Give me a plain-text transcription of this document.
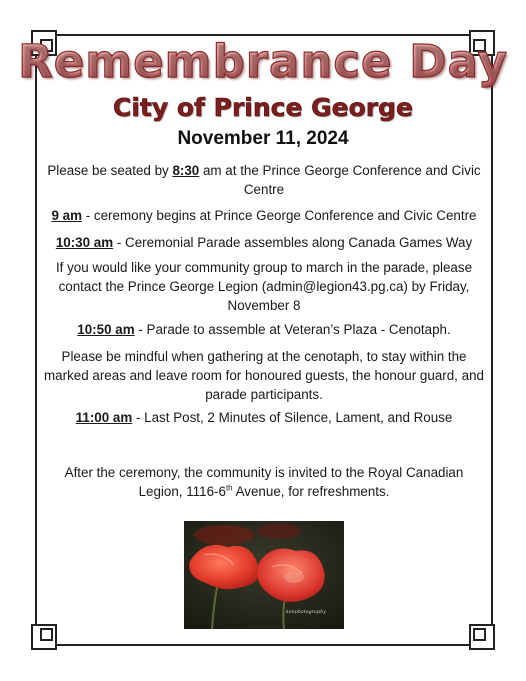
Remembrance Day
City of Prince George
November 11, 2024
Please be seated by 8:30 am at the Prince George Conference and Civic Centre
9 am - ceremony begins at Prince George Conference and Civic Centre
10:30 am - Ceremonial Parade assembles along Canada Games Way
If you would like your community group to march in the parade, please contact the Prince George Legion (admin@legion43.pg.ca) by Friday, November 8
10:50 am - Parade to assemble at Veteran’s Plaza - Cenotaph.
Please be mindful when gathering at the cenotaph, to stay within the marked areas and leave room for honoured guests, the honour guard, and parade participants.
11:00 am - Last Post, 2 Minutes of Silence, Lament, and Rouse
After the ceremony, the community is invited to the Royal Canadian
Legion, 1116-6th Avenue, for refreshments.
nonphotography
